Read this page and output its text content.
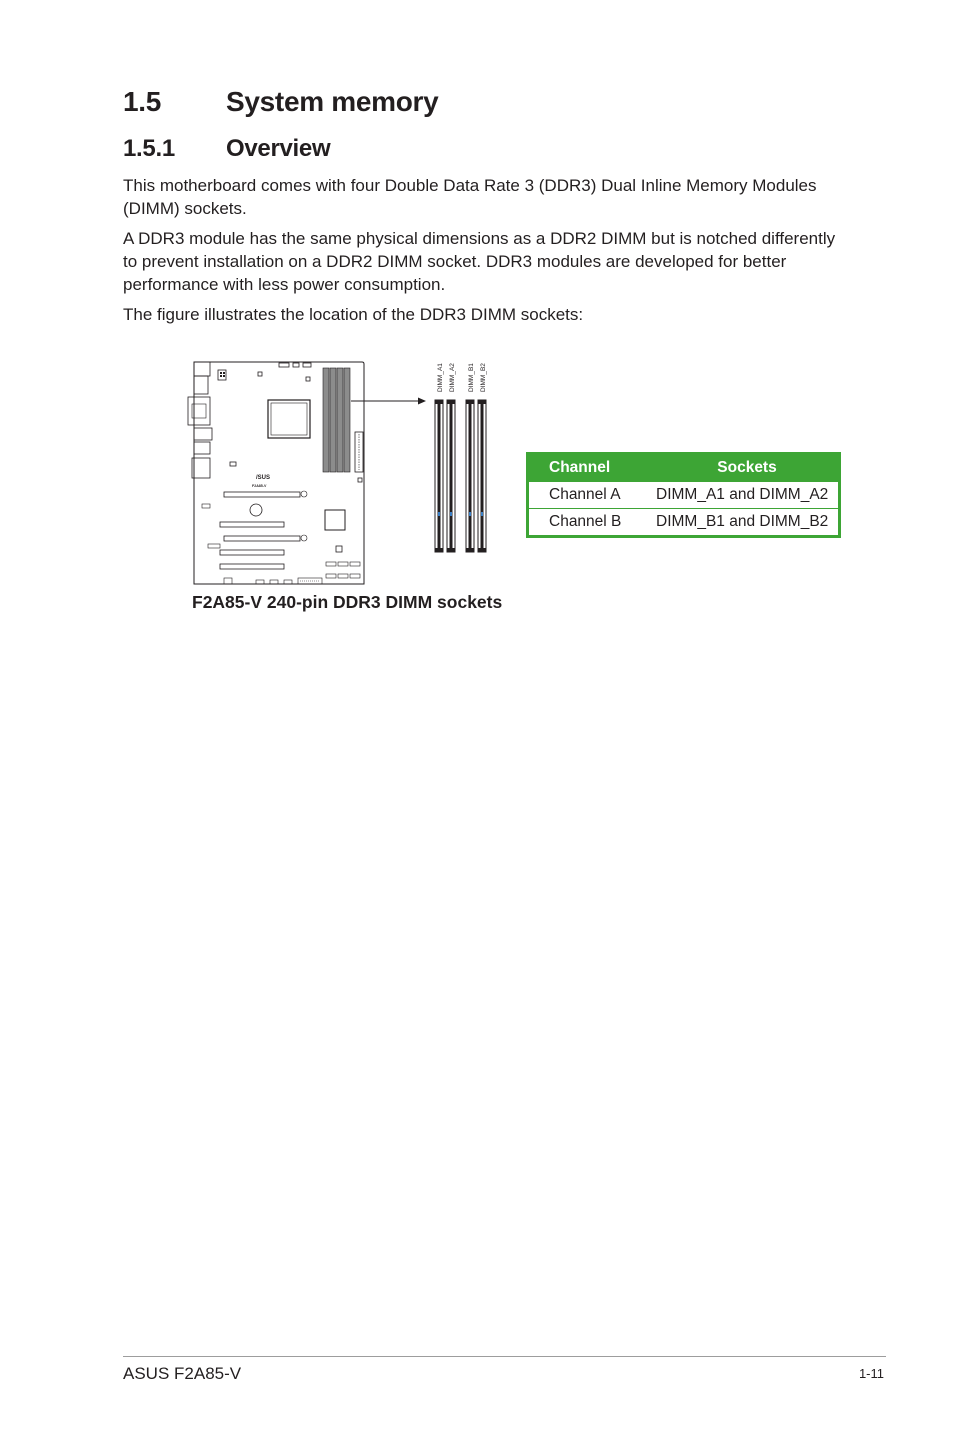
1.5 System memory
1.5.1 Overview

This motherboard comes with four Double Data Rate 3 (DDR3) Dual Inline Memory Modules (DIMM) sockets.

A DDR3 module has the same physical dimensions as a DDR2 DIMM but is notched differently to prevent installation on a DDR2 DIMM socket. DDR3 modules are developed for better performance with less power consumption.

The figure illustrates the location of the DDR3 DIMM sockets:

/SUS
F2A85-V
DIMM_A1 DIMM_A2 DIMM_B1 DIMM_B2
Channel	Sockets
Channel A	DIMM_A1 and DIMM_A2
Channel B	DIMM_B1 and DIMM_B2

F2A85-V 240-pin DDR3 DIMM sockets

ASUS F2A85-V	1-11
